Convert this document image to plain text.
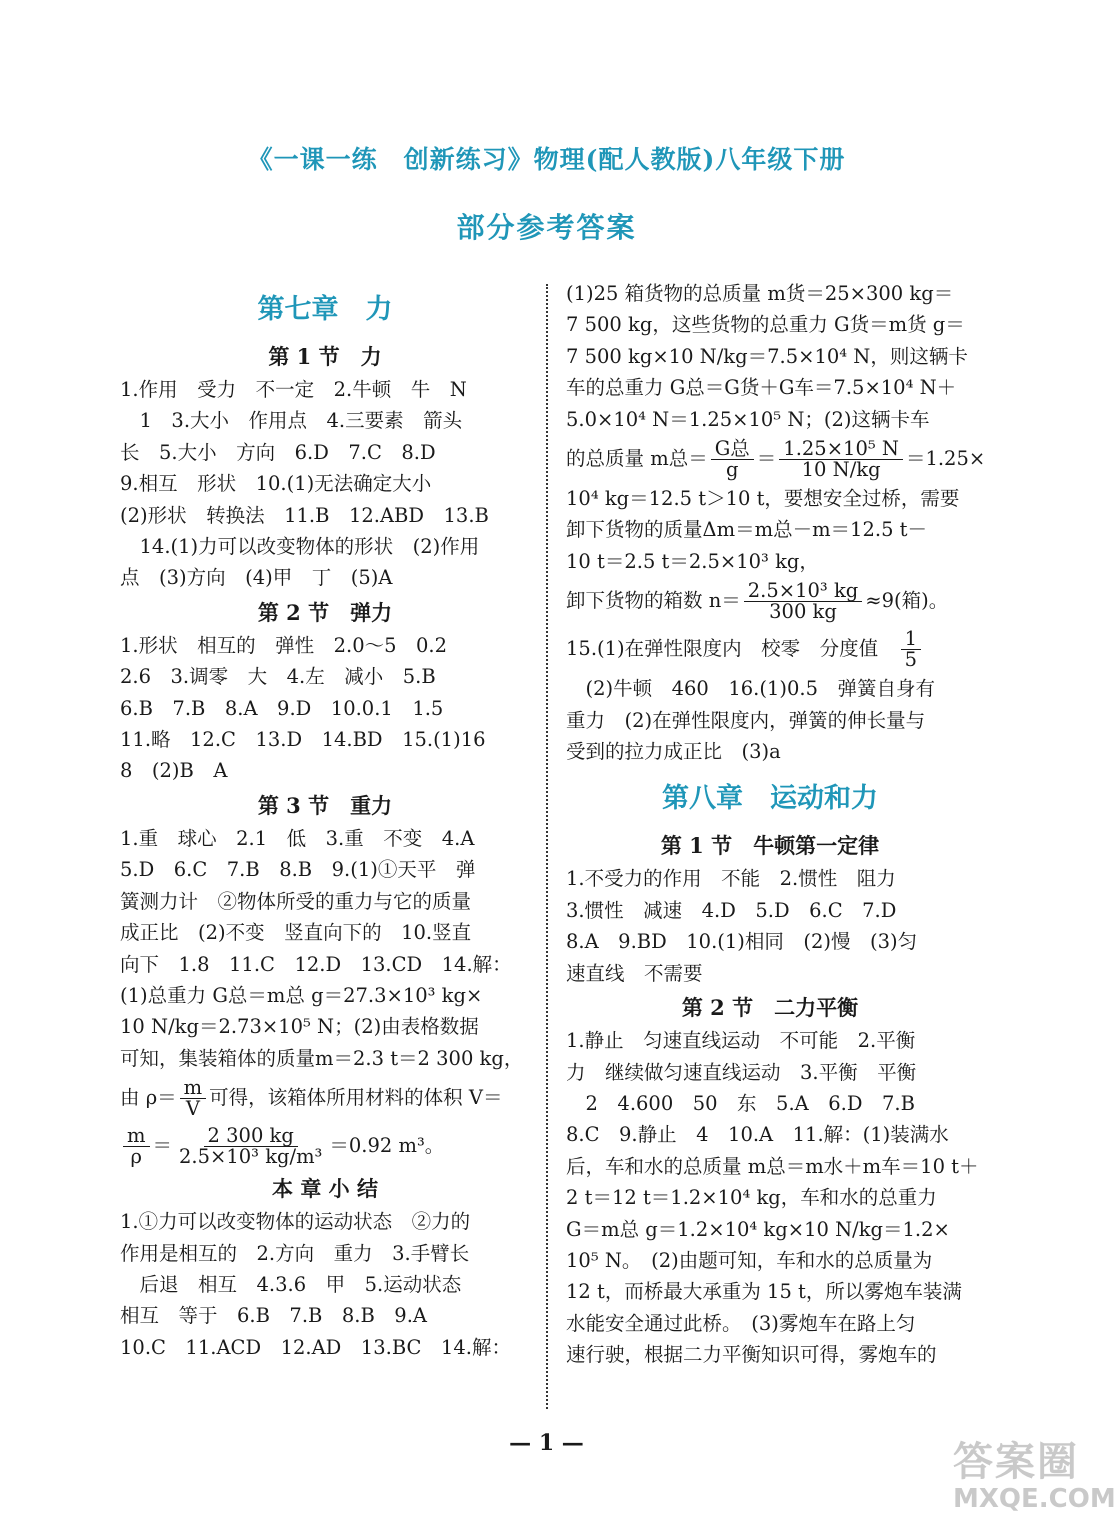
《一课一练　创新练习》物理(配人教版)八年级下册
部分参考答案
第七章　力
第 1 节　力
1.作用　受力　不一定　2.牛顿　牛　N
　1　3.大小　作用点　4.三要素　箭头
长　5.大小　方向　6.D　7.C　8.D
9.相互　形状　10.(1)无法确定大小
(2)形状　转换法　11.B　12.ABD　13.B
　14.(1)力可以改变物体的形状　(2)作用
点　(3)方向　(4)甲　丁　(5)A
第 2 节　弹力
1.形状　相互的　弹性　2.0～5　0.2
2.6　3.调零　大　4.左　减小　5.B
6.B　7.B　8.A　9.D　10.0.1　1.5
11.略　12.C　13.D　14.BD　15.(1)16
8　(2)B　A
第 3 节　重力
1.重　球心　2.1　低　3.重　不变　4.A
5.D　6.C　7.B　8.B　9.(1)①天平　弹
簧测力计　②物体所受的重力与它的质量
成正比　(2)不变　竖直向下的　10.竖直
向下　1.8　11.C　12.D　13.CD　14.解：
(1)总重力 G总＝m总 g＝27.3×10³ kg×
10 N/kg＝2.73×10⁵ N；(2)由表格数据
可知，集装箱体的质量m＝2.3 t＝2 300 kg，
由 $\rho= \frac{m}{V}$ 可得，该箱体所用材料的体积 V＝
$\frac{m}{\rho} = \frac{2 300 kg}{\text{2.5×10³ kg/m³}} =0.92$ m³。
本 章 小 结
1.①力可以改变物体的运动状态　②力的
作用是相互的　2.方向　重力　3.手臂长
　后退　相互　4.3.6　甲　5.运动状态
相互　等于　6.B　7.B　8.B　9.A
10.C　11.ACD　12.AD　13.BC　14.解：
(1)25 箱货物的总质量 m货＝25×300 kg＝
7 500 kg，这些货物的总重力 G货＝m货 g＝
7 500 kg×10 N/kg＝7.5×10⁴ N，则这辆卡
车的总重力 G总＝G货＋G车＝7.5×10⁴ N＋
5.0×10⁴ N＝1.25×10⁵ N；(2)这辆卡车
的总质量 m总＝ $\frac{\text{G总}}{g} = \frac{\text{1.25×10⁵ N}}{10 N/kg} =1.25\times$
10⁴ kg＝12.5 t＞10 t，要想安全过桥，需要
卸下货物的质量Δm＝m总－m＝12.5 t－
10 t＝2.5 t＝2.5×10³ kg，
卸下货物的箱数 $n= \frac{\text{2.5×10³ kg}}{300 kg} \approx 9$(箱)。
15.(1)在弹性限度内　校零　分度值　 $\frac{1}{5}$
　(2)牛顿　460　16.(1)0.5　弹簧自身有
重力　(2)在弹性限度内，弹簧的伸长量与
受到的拉力成正比　(3)a
第八章　运动和力
第 1 节　牛顿第一定律
1.不受力的作用　不能　2.惯性　阻力
3.惯性　减速　4.D　5.D　6.C　7.D
8.A　9.BD　10.(1)相同　(2)慢　(3)匀
速直线　不需要
第 2 节　二力平衡
1.静止　匀速直线运动　不可能　2.平衡
力　继续做匀速直线运动　3.平衡　平衡
　2　4.600　50　东　5.A　6.D　7.B
8.C　9.静止　4　10.A　11.解：(1)装满水
后，车和水的总质量 m总＝m水＋m车＝10 t＋
2 t＝12 t＝1.2×10⁴ kg，车和水的总重力
G＝m总 g＝1.2×10⁴ kg×10 N/kg＝1.2×
10⁵ N。　(2)由题可知，车和水的总质量为
12 t，而桥最大承重为 15 t，所以雾炮车装满
水能安全通过此桥。　(3)雾炮车在路上匀
速行驶，根据二力平衡知识可得，雾炮车的
— 1 —	答案圈
MXQE.COM
